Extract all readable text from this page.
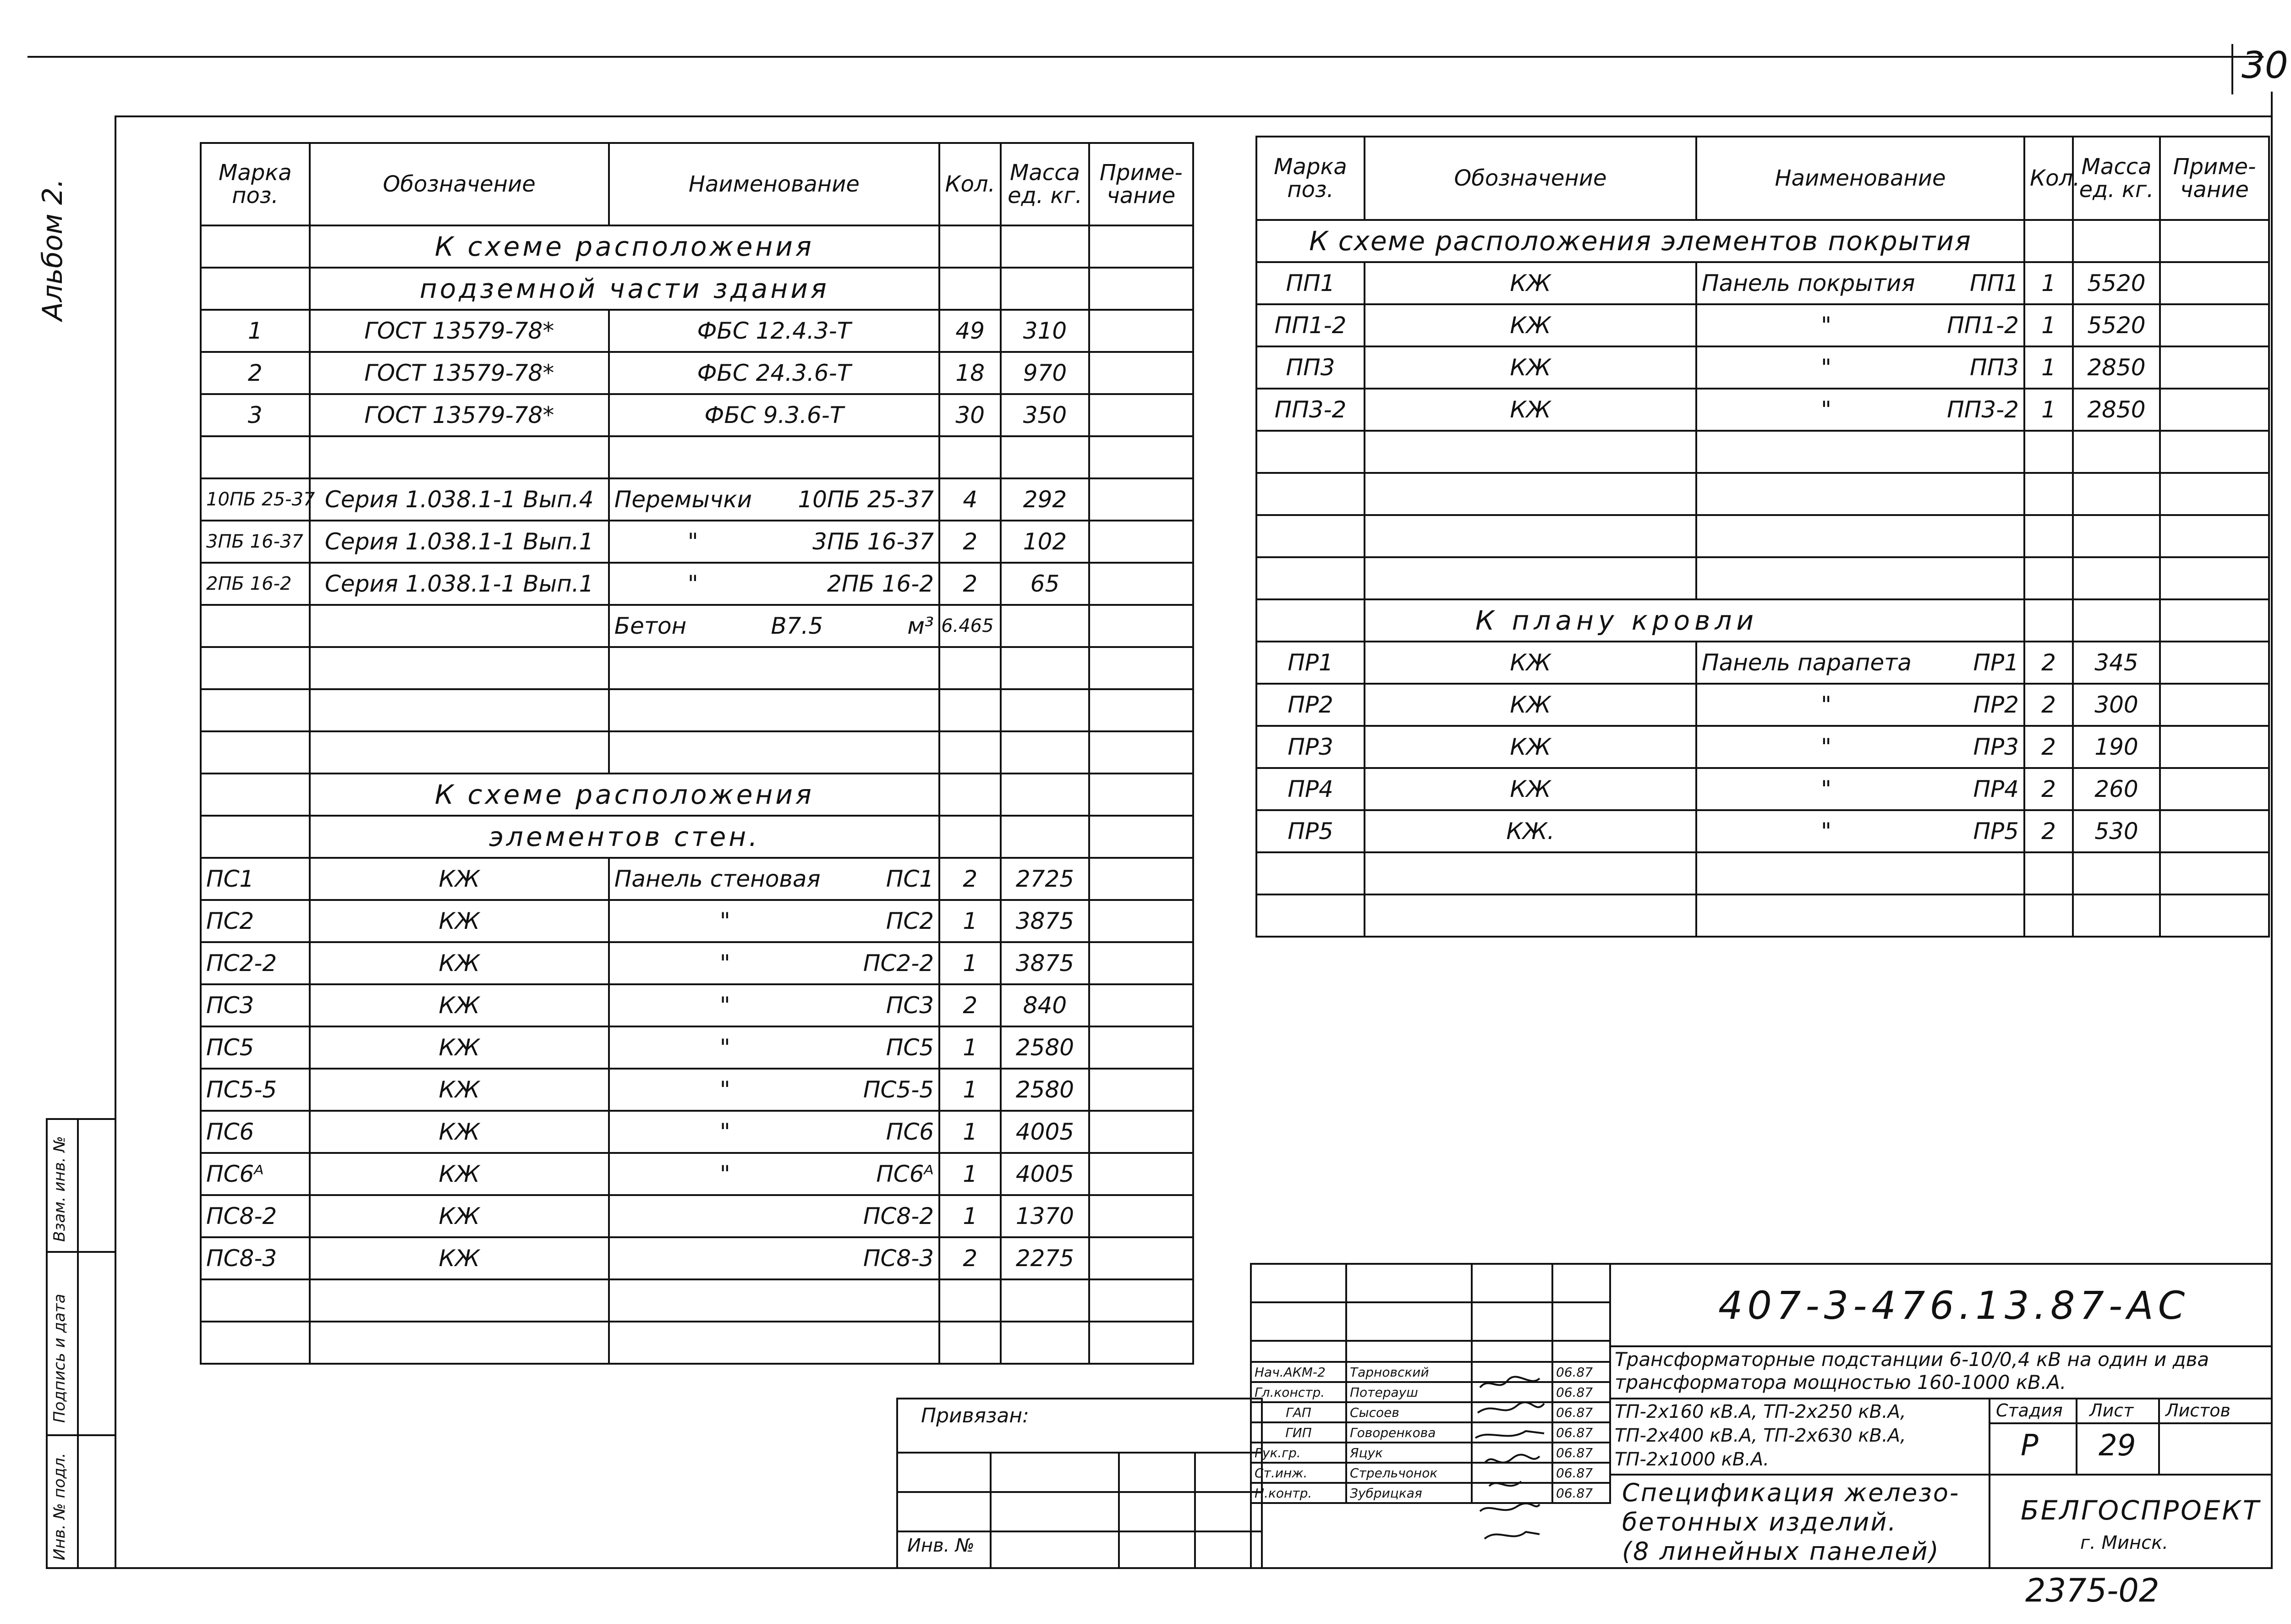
30
Альбом 2.
Инв. № подл.
Подпись и дата
Взам. инв. №
Марка поз.	Обозначение	Наименование	Кол.	Масса ед. кг.	Приме- чание
	К схеме расположения				
	подземной части здания				
1	ГОСТ 13579-78*	ФБС 12.4.3-Т	49	310	
2	ГОСТ 13579-78*	ФБС 24.3.6-Т	18	970	
3	ГОСТ 13579-78*	ФБС 9.3.6-Т	30	350	

10ПБ 25-37	Серия 1.038.1-1 Вып.4	Перемычки 10ПБ 25-37	4	292	
3ПБ 16-37	Серия 1.038.1-1 Вып.1	" 3ПБ 16-37	2	102	
2ПБ 16-2	Серия 1.038.1-1 Вып.1	" 2ПБ 16-2	2	65	

		Бетон В7.5 м³	6.465		

	К схеме расположения				
	элементов стен.				
ПС1	КЖ	Панель стеновая ПС1	2	2725	
ПС2	КЖ	" ПС2	1	3875	
ПС2-2	КЖ	" ПС2-2	1	3875	
ПС3	КЖ	" ПС3	2	840	
ПС5	КЖ	" ПС5	1	2580	
ПС5-5	КЖ	" ПС5-5	1	2580	
ПС6	КЖ	" ПС6	1	4005	
ПС6ᴬ	КЖ	" ПС6ᴬ	1	4005	
ПС8-2	КЖ	ПС8-2	1	1370	
ПС8-3	КЖ	ПС8-3	2	2275	

Марка поз.	Обозначение	Наименование	Кол.	Масса ед. кг.	Приме- чание
К схеме расположения элементов покрытия					
ПП1	КЖ	Панель покрытия ПП1	1	5520	
ПП1-2	КЖ	" ПП1-2	1	5520	
ПП3	КЖ	" ПП3	1	2850	
ПП3-2	КЖ	" ПП3-2	1	2850	

	К плану кровли				
ПР1	КЖ	Панель парапета ПР1	2	345	
ПР2	КЖ	" ПР2	2	300	
ПР3	КЖ	" ПР3	2	190	
ПР4	КЖ	" ПР4	2	260	
ПР5	КЖ.	" ПР5	2	530	

Привязан:
Инв. №

Нач.АКМ-2	Тарновский		06.87
Гл.констр.	Потерауш		06.87
ГАП	Сысоев		06.87
ГИП	Говоренкова		06.87
Рук.гр.	Яцук		06.87
Ст.инж.	Стрельчонок		06.87
Н.контр.	Зубрицкая		06.87
407-3-476.13.87-АС
Трансформаторные подстанции 6-10/0,4 кВ на один и два трансформатора мощностью 160-1000 кВ.А.
ТП-2х160 кВ.А, ТП-2х250 кВ.А,
ТП-2х400 кВ.А, ТП-2х630 кВ.А,
ТП-2х1000 кВ.А.
Спецификация железо-
бетонных изделий.
(8 линейных панелей)
Стадия Лист Листов
Р 29
БЕЛГОСПРОЕКТ
г. Минск.
2375-02
